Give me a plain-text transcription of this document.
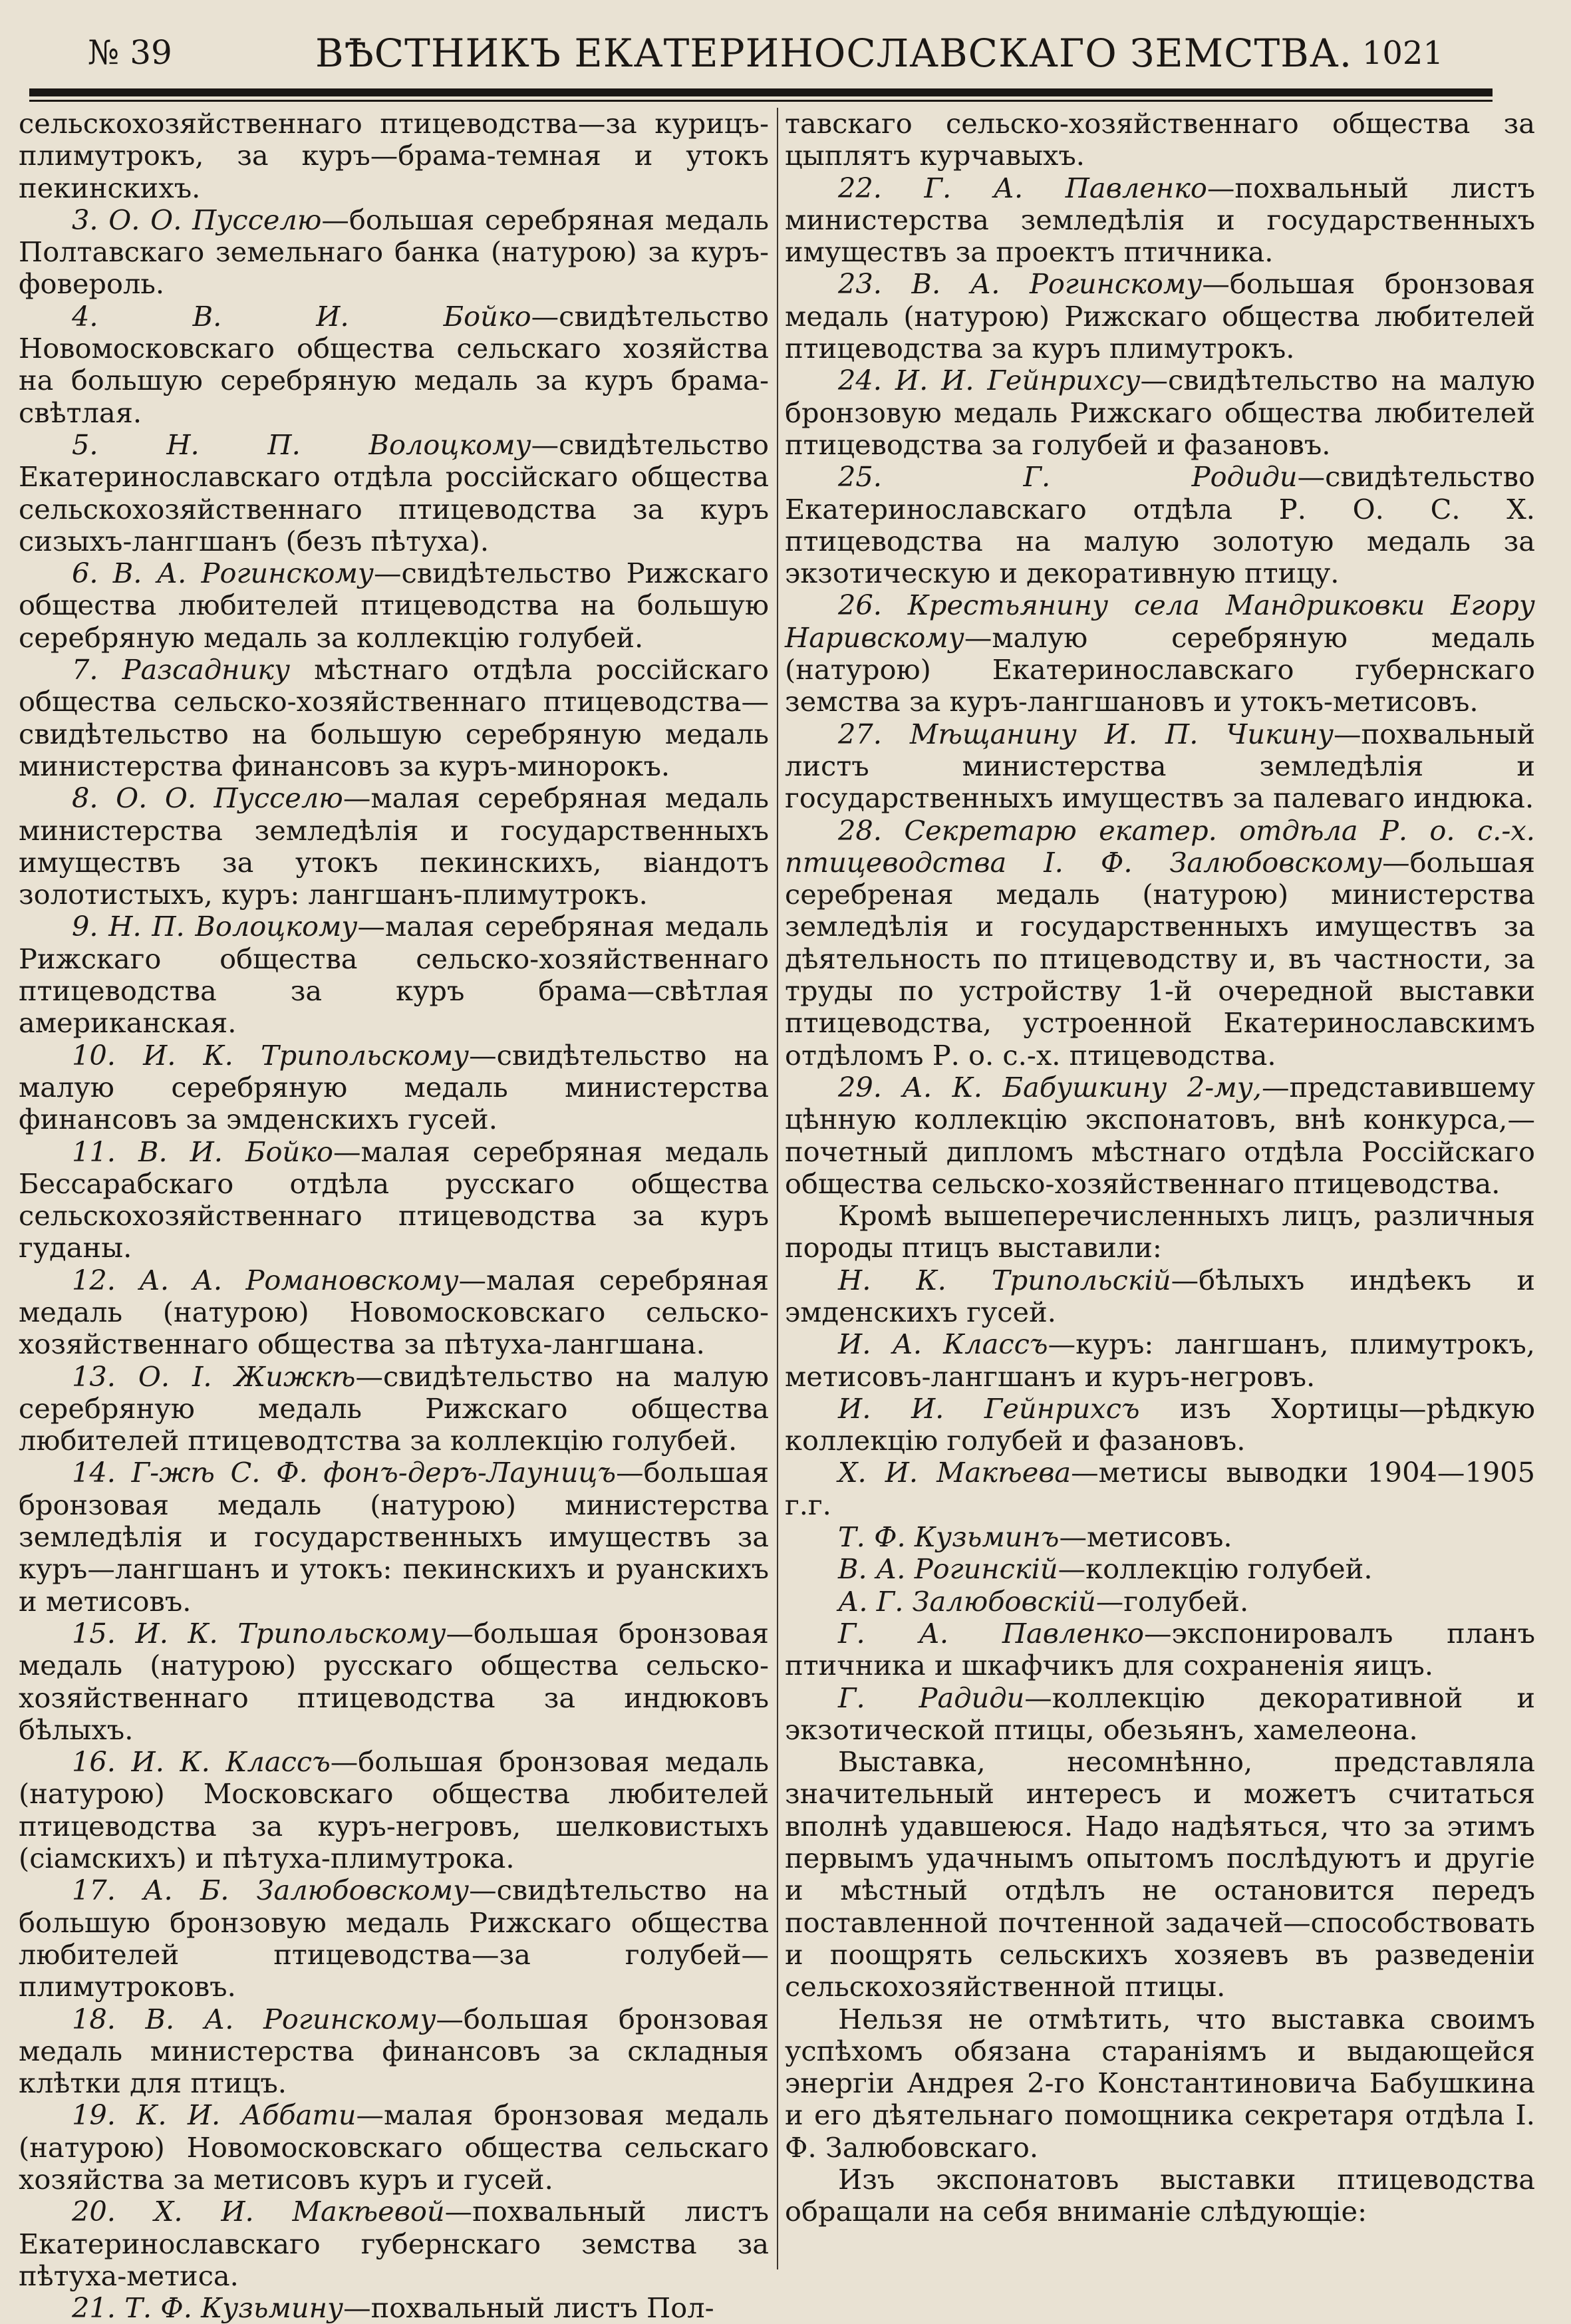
№ 39	ВѢСТНИКЪ ЕКАТЕРИНОСЛАВСКАГО ЗЕМСТВА. 1021

сельскохозяйственнаго птицеводства—за курицъ-плимутрокъ, за куръ—брама-темная и утокъ пекинскихъ.

3. О. О. Пусселю—большая серебряная медаль Полтавскаго земельнаго банка (натурою) за куръ-фовероль.

4. В. И. Бойко—свидѣтельство Новомосковскаго общества сельскаго хозяйства на большую серебряную медаль за куръ брама-свѣтлая.

5. Н. П. Волоцкому—свидѣтельство Екатеринославскаго отдѣла россійскаго общества сельскохозяйственнаго птицеводства за куръ сизыхъ-лангшанъ (безъ пѣтуха).

6. В. А. Рогинскому—свидѣтельство Рижскаго общества любителей птицеводства на большую серебряную медаль за коллекцію голубей.

7. Разсаднику мѣстнаго отдѣла россійскаго общества сельско-хозяйственнаго птицеводства—свидѣтельство на большую серебряную медаль министерства финансовъ за куръ-минорокъ.

8. О. О. Пусселю—малая серебряная медаль министерства земледѣлія и государственныхъ имуществъ за утокъ пекинскихъ, віандотъ золотистыхъ, куръ: лангшанъ-плимутрокъ.

9. Н. П. Волоцкому—малая серебряная медаль Рижскаго общества сельско-хозяйственнаго птицеводства за куръ брама—свѣтлая американская.

10. И. К. Трипольскому—свидѣтельство на малую серебряную медаль министерства финансовъ за эмденскихъ гусей.

11. В. И. Бойко—малая серебряная медаль Бессарабскаго отдѣла русскаго общества сельскохозяйственнаго птицеводства за куръ гуданы.

12. А. А. Романовскому—малая серебряная медаль (натурою) Новомосковскаго сельско-хозяйственнаго общества за пѣтуха-лангшана.

13. О. І. Жижкѣ—свидѣтельство на малую серебряную медаль Рижскаго общества любителей птицеводтства за коллекцію голубей.

14. Г-жѣ С. Ф. фонъ-деръ-Лауницъ—большая бронзовая медаль (натурою) министерства земледѣлія и государственныхъ имуществъ за куръ—лангшанъ и утокъ: пекинскихъ и руанскихъ и метисовъ.

15. И. К. Трипольскому—большая бронзовая медаль (натурою) русскаго общества сельско-хозяйственнаго птицеводства за индюковъ бѣлыхъ.

16. И. К. Классъ—большая бронзовая медаль (натурою) Московскаго общества любителей птицеводства за куръ-негровъ, шелковистыхъ (сіамскихъ) и пѣтуха-плимутрока.

17. А. Б. Залюбовскому—свидѣтельство на большую бронзовую медаль Рижскаго общества любителей птицеводства—за голубей—плимутроковъ.

18. В. А. Рогинскому—большая бронзовая медаль министерства финансовъ за складныя клѣтки для птицъ.

19. К. И. Аббати—малая бронзовая медаль (натурою) Новомосковскаго общества сельскаго хозяйства за метисовъ куръ и гусей.

20. Х. И. Макѣевой—похвальный листъ Екатеринославскаго губернскаго земства за пѣтуха-метиса.

21. Т. Ф. Кузьмину—похвальный листъ Пол-

тавскаго сельско-хозяйственнаго общества за цыплятъ курчавыхъ.

22. Г. А. Павленко—похвальный листъ министерства земледѣлія и государственныхъ имуществъ за проектъ птичника.

23. В. А. Рогинскому—большая бронзовая медаль (натурою) Рижскаго общества любителей птицеводства за куръ плимутрокъ.

24. И. И. Гейнрихсу—свидѣтельство на малую бронзовую медаль Рижскаго общества любителей птицеводства за голубей и фазановъ.

25. Г. Родиди—свидѣтельство Екатеринославскаго отдѣла Р. О. С. Х. птицеводства на малую золотую медаль за экзотическую и декоративную птицу.

26. Крестьянину села Мандриковки Егору Наривскому—малую серебряную медаль (натурою) Екатеринославскаго губернскаго земства за куръ-лангшановъ и утокъ-метисовъ.

27. Мѣщанину И. П. Чикину—похвальный листъ министерства земледѣлія и государственныхъ имуществъ за палеваго индюка.

28. Секретарю екатер. отдѣла Р. о. с.-х. птицеводства І. Ф. Залюбовскому—большая серебреная медаль (натурою) министерства земледѣлія и государственныхъ имуществъ за дѣятельность по птицеводству и, въ частности, за труды по устройству 1-й очередной выставки птицеводства, устроенной Екатеринославскимъ отдѣломъ Р. о. с.-х. птицеводства.

29. А. К. Бабушкину 2-му,—представившему цѣнную коллекцію экспонатовъ, внѣ конкурса,—почетный дипломъ мѣстнаго отдѣла Россійскаго общества сельско-хозяйственнаго птицеводства.

Кромѣ вышеперечисленныхъ лицъ, различныя породы птицъ выставили:

Н. К. Трипольскій—бѣлыхъ индѣекъ и эмденскихъ гусей.

И. А. Классъ—куръ: лангшанъ, плимутрокъ, метисовъ-лангшанъ и куръ-негровъ.

И. И. Гейнрихсъ изъ Хортицы—рѣдкую коллекцію голубей и фазановъ.

Х. И. Макѣева—метисы выводки 1904—1905 г.г.

Т. Ф. Кузьминъ—метисовъ.

В. А. Рогинскій—коллекцію голубей.

А. Г. Залюбовскій—голубей.

Г. А. Павленко—экспонировалъ планъ птичника и шкафчикъ для сохраненія яицъ.

Г. Радиди—коллекцію декоративной и экзотической птицы, обезьянъ, хамелеона.

Выставка, несомнѣнно, представляла значительный интересъ и можетъ считаться вполнѣ удавшеюся. Надо надѣяться, что за этимъ первымъ удачнымъ опытомъ послѣдуютъ и другіе и мѣстный отдѣлъ не остановится передъ поставленной почтенной задачей—способствовать и поощрять сельскихъ хозяевъ въ разведеніи сельскохозяйственной птицы.

Нельзя не отмѣтить, что выставка своимъ успѣхомъ обязана стараніямъ и выдающейся энергіи Андрея 2-го Константиновича Бабушкина и его дѣятельнаго помощника секретаря отдѣла І. Ф. Залюбовскаго.

Изъ экспонатовъ выставки птицеводства обращали на себя вниманіе слѣдующіе:
